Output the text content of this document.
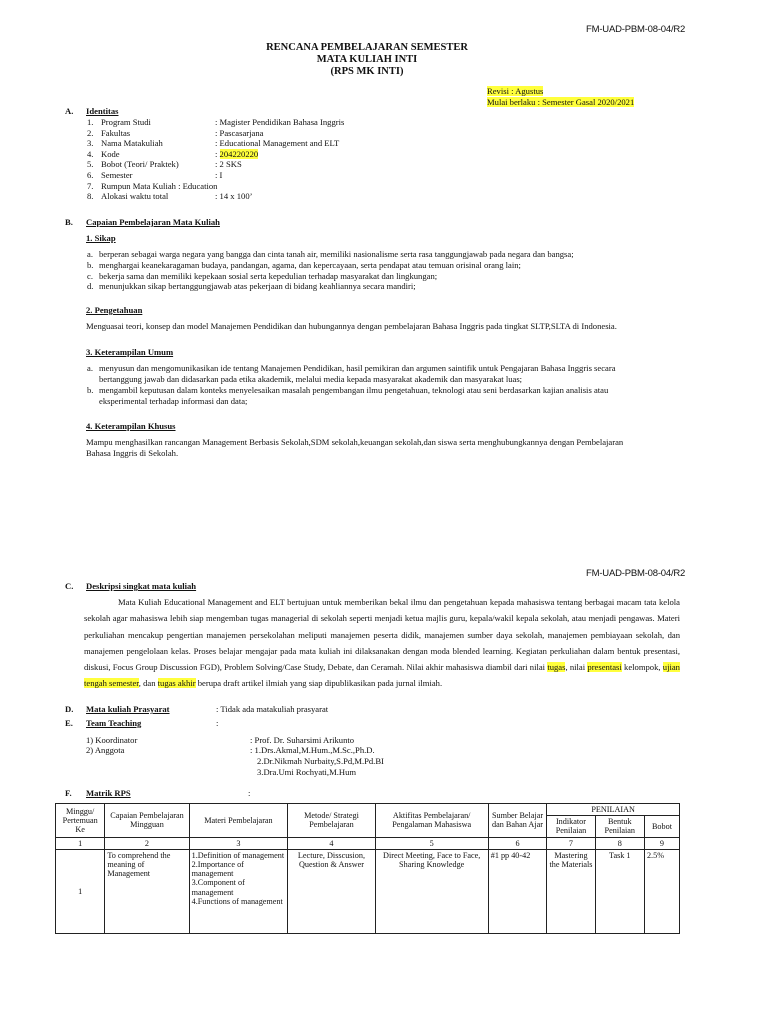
FM-UAD-PBM-08-04/R2
RENCANA PEMBELAJARAN SEMESTER
MATA KULIAH INTI
(RPS MK INTI)
Revisi : Agustus
Mulai berlaku : Semester Gasal 2020/2021
A. Identitas
1. Program Studi	: Magister Pendidikan Bahasa Inggris
2. Fakultas	: Pascasarjana
3. Nama Matakuliah	: Educational Management and ELT
4. Kode	: 204220220
5. Bobot (Teori/ Praktek)	: 2 SKS
6. Semester	: I
7. Rumpun Mata Kuliah : Education
8. Alokasi waktu total	: 14 x 100’
B. Capaian Pembelajaran Mata Kuliah
1. Sikap
a. berperan sebagai warga negara yang bangga dan cinta tanah air, memiliki nasionalisme serta rasa tanggungjawab pada negara dan bangsa;
b. menghargai keanekaragaman budaya, pandangan, agama, dan kepercayaan, serta pendapat atau temuan orisinal orang lain;
c. bekerja sama dan memiliki kepekaan sosial serta kepedulian terhadap masyarakat dan lingkungan;
d. menunjukkan sikap bertanggungjawab atas pekerjaan di bidang keahliannya secara mandiri;
2. Pengetahuan
Menguasai teori, konsep dan model Manajemen Pendidikan dan hubungannya dengan pembelajaran Bahasa Inggris pada tingkat SLTP,SLTA di Indonesia.
3. Keterampilan Umum
a. menyusun dan mengomunikasikan ide tentang Manajemen Pendidikan, hasil pemikiran dan argumen saintifik untuk Pengajaran Bahasa Inggris secara
bertanggung jawab dan didasarkan pada etika akademik, melalui media kepada masyarakat akademik dan masyarakat luas;
b. mengambil keputusan dalam konteks menyelesaikan masalah pengembangan ilmu pengetahuan, teknologi atau seni berdasarkan kajian analisis atau
eksperimental terhadap informasi dan data;
4. Keterampilan Khusus
Mampu menghasilkan rancangan Management Berbasis Sekolah,SDM sekolah,keuangan sekolah,dan siswa serta menghubungkannya dengan Pembelajaran
Bahasa Inggris di Sekolah.
FM-UAD-PBM-08-04/R2
C. Deskripsi singkat mata kuliah
Mata Kuliah Educational Management and ELT bertujuan untuk memberikan bekal ilmu dan pengetahuan kepada mahasiswa tentang berbagai macam tata kelola sekolah agar mahasiswa lebih siap mengemban tugas managerial di sekolah seperti menjadi ketua majlis guru, kepala/wakil kepala sekolah, atau menjadi pengawas. Materi perkuliahan mencakup pengertian manajemen persekolahan meliputi manajemen peserta didik, manajemen sumber daya sekolah, manajemen pembiayaan sekolah, dan manajemen pengelolaan kelas. Proses belajar mengajar pada mata kuliah ini dilaksanakan dengan moda blended learning. Kegiatan perkuliahan dalam bentuk presentasi, diskusi, Focus Group Discussion FGD), Problem Solving/Case Study, Debate, dan Ceramah. Nilai akhir mahasiswa diambil dari nilai tugas, nilai presentasi kelompok, ujian tengah semester, dan tugas akhir berupa draft artikel ilmiah yang siap dipublikasikan pada jurnal ilmiah.
D. Mata kuliah Prasyarat	: Tidak ada matakuliah prasyarat
E. Team Teaching	:
1) Koordinator	: Prof. Dr. Suharsimi Arikunto
2) Anggota	: 1.Drs.Akmal,M.Hum.,M.Sc.,Ph.D.
2.Dr.Nikmah Nurbaity,S.Pd,M.Pd.BI
3.Dra.Umi Rochyati,M.Hum
F. Matrik RPS	:
Minggu/ Pertemuan Ke	Capaian Pembelajaran Mingguan	Materi Pembelajaran	Metode/ Strategi Pembelajaran	Aktifitas Pembelajaran/ Pengalaman Mahasiswa	Sumber Belajar dan Bahan Ajar	PENILAIAN		
						Indikator Penilaian	Bentuk Penilaian	Bobot
1	2	3	4	5	6	7	8	9
1	To comprehend the meaning of Management	1.Definition of management
2.Importance of management
3.Component of management
4.Functions of management	Lecture, Disscusion, Question & Answer	Direct Meeting, Face to Face, Sharing Knowledge	#1 pp 40-42	Mastering the Materials	Task 1	2.5%
